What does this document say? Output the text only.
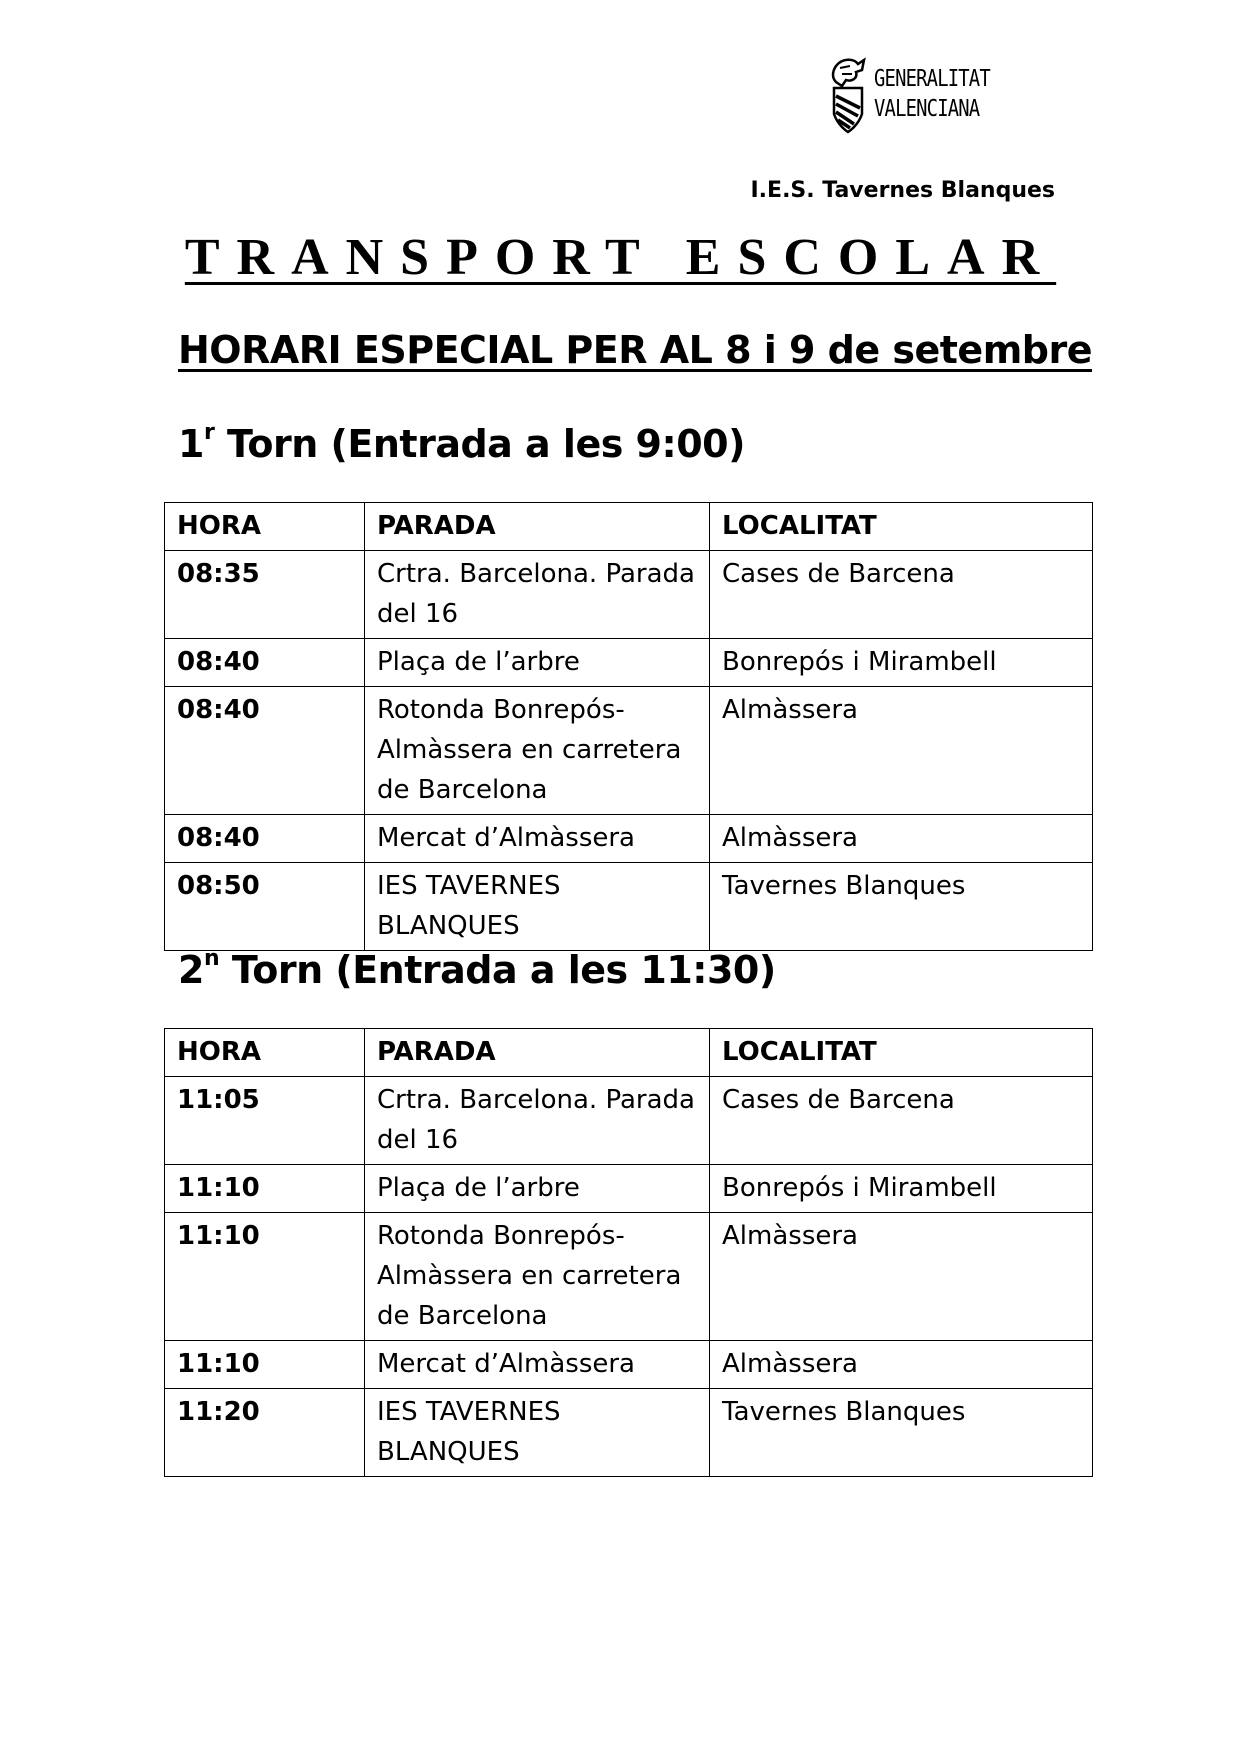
GENERALITAT
VALENCIANA
I.E.S. Tavernes Blanques
TRANSPORT ESCOLAR
HORARI ESPECIAL PER AL 8 i 9 de setembre
1$^r$ Torn (Entrada a les 9:00)
HORA	PARADA	LOCALITAT
08:35	Crtra. Barcelona. Parada del 16	Cases de Barcena
08:40	Plaça de l’arbre	Bonrepós i Mirambell
08:40	Rotonda Bonrepós-Almàssera en carretera de Barcelona	Almàssera
08:40	Mercat d’Almàssera	Almàssera
08:50	IES TAVERNES BLANQUES	Tavernes Blanques
2$^n$ Torn (Entrada a les 11:30)
HORA	PARADA	LOCALITAT
11:05	Crtra. Barcelona. Parada del 16	Cases de Barcena
11:10	Plaça de l’arbre	Bonrepós i Mirambell
11:10	Rotonda Bonrepós-Almàssera en carretera de Barcelona	Almàssera
11:10	Mercat d’Almàssera	Almàssera
11:20	IES TAVERNES BLANQUES	Tavernes Blanques
